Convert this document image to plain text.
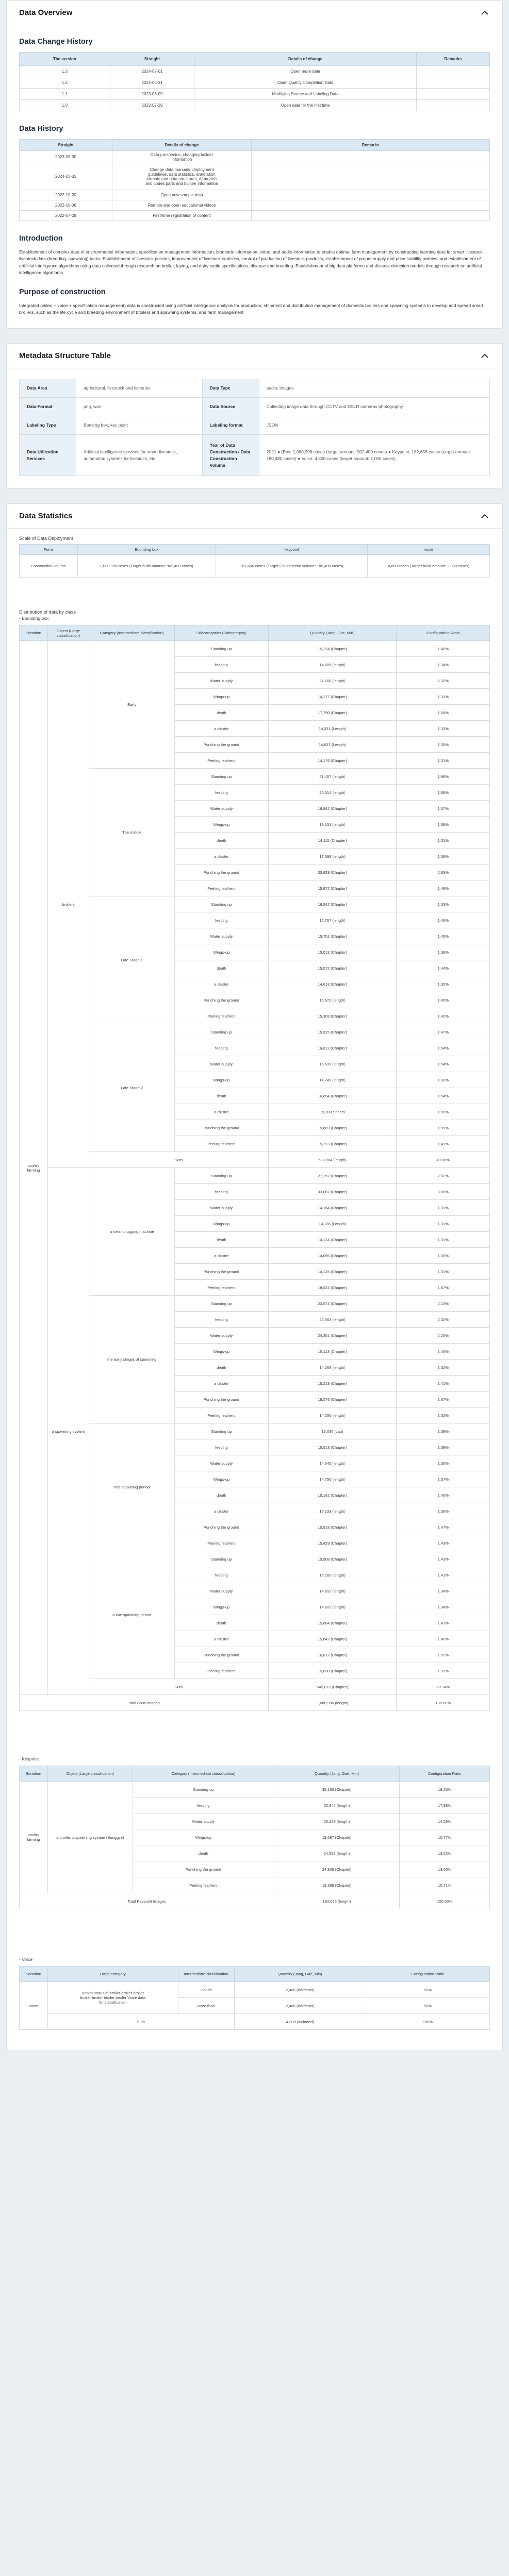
Data Overview
Data Change History
The version	Straight	Details of change	Remarks
1.3	2024-07-01	Open more data	
1.2	2024-05-31	Open Quality Completion Data	
1.1	2023-03-09	Modifying Source and Labeling Data	
1.0	2022-07-29	Open data for the first time	
Data History
Straight	Details of change	Remarks
2023-05-30	Data prospectus, changing builder information	
2024-03-31	Change data manuals, deployment guidelines, data statistics, annotation formats and data structures, AI models and codes parts and builder information	
2022-10-20	Open new sample data	
2022-10-06	Remote and open educational videos	
2022-07-29	First-time registration of content	
Introduction

Establishment of complex data of environmental information, specification management information, biometric information, video, and audio information to enable optimal farm management by constructing learning data for smart livestock livestock data (breeding, spawning) tasks. Establishment of livestock policies, improvement of livestock statistics, control of production of livestock products, establishment of proper supply and price stability policies, and establishment of artificial intelligence algorithms using data collected through research on broiler, laying, and dairy cattle specifications, disease and breeding. Establishment of big data platforms and disease detection models through research on artificial intelligence algorithms

Purpose of construction

Integrated (video + voice + specification management) data is constructed using artificial intelligence analysis for production, shipment and distribution management of domestic broilers and spawning systems to develop and spread smart broilers, such as the life cycle and breeding environment of broilers and spawning systems, and farm management

Metadata Structure Table
Data Area	agricultural, livestock and fisheries	Data Type	audio, images
Data Format	png, wav	Data Source	Collecting image data through CCTV and DSLR cameras photography
Labeling Type	Bonding box, key point	Labeling format	JSON
Data Utilization Services	Artificial intelligence services for smart livestock, automation systems for livestock, etc	Year of Data Construction / Data Construction Volume	2021 ● (Box: 1,080,996 cases (target amount: 902,400 cases) ● Keypoint: 182,656 cases (target amount: 180,480 cases) ● Voice: 4,800 cases (target amount: 2,000 cases)
Data Statistics
Scale of Data Deployment
Form	Bounding box	keypoint	voice
Construction volume	1,080,996 cases (Target build amount: 902,400 cases)	182,656 cases (Target Construction volume: 180,480 cases)	4,800 cases (Target build amount: 2,000 cases)
Distribution of data by class
- Bounding box
Sortation	Object (Large classification)	Category (Intermediate classification)	Subcategories (Subcategory)	Quantity (Jang, Gae, Min)	Configuration Ratio
poultry farming	broilers	Early	Standing up	15,124 (Chapter)	1.40%
			feeding	14,505 (length)	1.34%
			Water supply	24,608 (length)	2.32%
			Wings-up	14,177 (Chapter)	1.31%
			death	17,790 (Chapter)	1.64%
			a cluster	14,331 (Length)	1.33%
			Punching the ground	14,637 (Length)	1.35%
			Peeling feathers	14,176 (Chapter)	1.31%
		The middle	Standing up	21,407 (length)	1.98%
			feeding	20,314 (length)	1.88%
			Water supply	16,942 (Chapter)	1.57%
			Wings-up	18,131 (length)	1.68%
			death	14,115 (Chapter)	1.31%
			a cluster	17,098 (length)	1.58%
			Punching the ground	30,629 (Chapter)	2.83%
			Peeling feathers	15,972 (Chapter)	1.48%
		Late Stage 1	Standing up	16,542 (Chapter)	1.53%
			feeding	15,767 (length)	1.46%
			Water supply	15,701 (Chapter)	1.45%
			Wings-up	15,013 (Chapter)	1.39%
			death	15,572 (Chapter)	1.44%
			a cluster	14,618 (Chapter)	1.35%
			Punching the ground	15,672 (length)	1.45%
			Peeling feathers	15,308 (Chapter)	1.42%
		Late Stage 2	Standing up	15,925 (Chapter)	1.47%
			feeding	16,612 (Chapter)	1.54%
			Water supply	16,639 (length)	1.54%
			Wings-up	14,749 (length)	1.36%
			death	16,654 (Chapter)	1.54%
			a cluster	15,200 Sheets	1.50%
			Punching the ground	15,869 (Chapter)	1.59%
			Peeling feathers	15,273 (Chapter)	1.41%
		Sum		538,984 (length)	49.86%
	a spawning system	a meal-chugging machine	Standing up	27,152 (Chapter)	2.52%
			feeding	33,062 (Chapter)	3.06%
			Water supply	14,164 (Chapter)	1.31%
			Wings-up	14,136 (Length)	1.31%
			death	14,124 (Chapter)	1.31%
			a cluster	14,096 (Chapter)	1.30%
			Punching the ground	14,125 (Chapter)	1.31%
			Peeling feathers	18,022 (Chapter)	1.67%
		the early stages of spawning	Standing up	23,074 (Chapter)	2.13%
			feeding	25,063 (length)	2.32%
			Water supply	24,301 (Chapter)	2.25%
			Wings-up	15,113 (Chapter)	1.40%
			death	14,268 (length)	1.32%
			a cluster	15,219 (Chapter)	1.41%
			Punching the ground	18,076 (Chapter)	1.67%
			Peeling feathers	14,256 (length)	1.32%
		mid-spawning period	Standing up	15,030 (cap)	1.39%
			feeding	15,013 (Chapter)	1.39%
			Water supply	14,045 (length)	1.30%
			Wings-up	14,756 (length)	1.37%
			death	15,161 (Chapter)	1.40%
			a cluster	15,133 (length)	1.36%
			Punching the ground	15,918 (Chapter)	1.47%
			Peeling feathers	15,429 (Chapter)	1.43%
		a late spawning period	Standing up	15,508 (Chapter)	1.43%
			feeding	15,265 (length)	1.41%
			Water supply	14,652 (length)	1.34%
			Wings-up	14,602 (length)	1.34%
			death	15,804 (Chapter)	1.41%
			a cluster	15,642 (Chapter)	1.45%
			Punching the ground	16,612 (Chapter)	1.52%
			Peeling feathers	15,030 (Chapter)	1.39%
		Sum		542,012 (Chapter)	50.14%
Total Bbox Images				1,080,996 (length)	100.00%
- Keypoint
Sortation	Object (Large classification)	Category (Intermediate classification)	Quantity (Jang, Gae, Min)	Configuration Ratio
poultry farming	a broiler, a spawning system (Sunggye)	Standing up	35,160 (Chapter)	19.25%
		feeding	32,846 (length)	17.98%
		Water supply	26,229 (length)	14.55%
		Wings-up	19,687 (Chapter)	10.77%
		death	24,592 (length)	13.52%
		Punching the ground	24,806 (Chapter)	13.66%
		Peeling feathers	19,388 (Chapter)	10.71%
Total Keypoint Images			182,656 (length)	100.00%
- Voice
Sortation	Large category	Intermediate classification	Quantity (Jang, Gae, Min)	Configuration Ratio
voice	Health status of broiler broiler broiler broiler broiler broiler broiler Voice data for classification	Health	2,400 (incidents)	50%
		More than	2,400 (incidents)	50%
	Sum		4,800 (included)	100%
